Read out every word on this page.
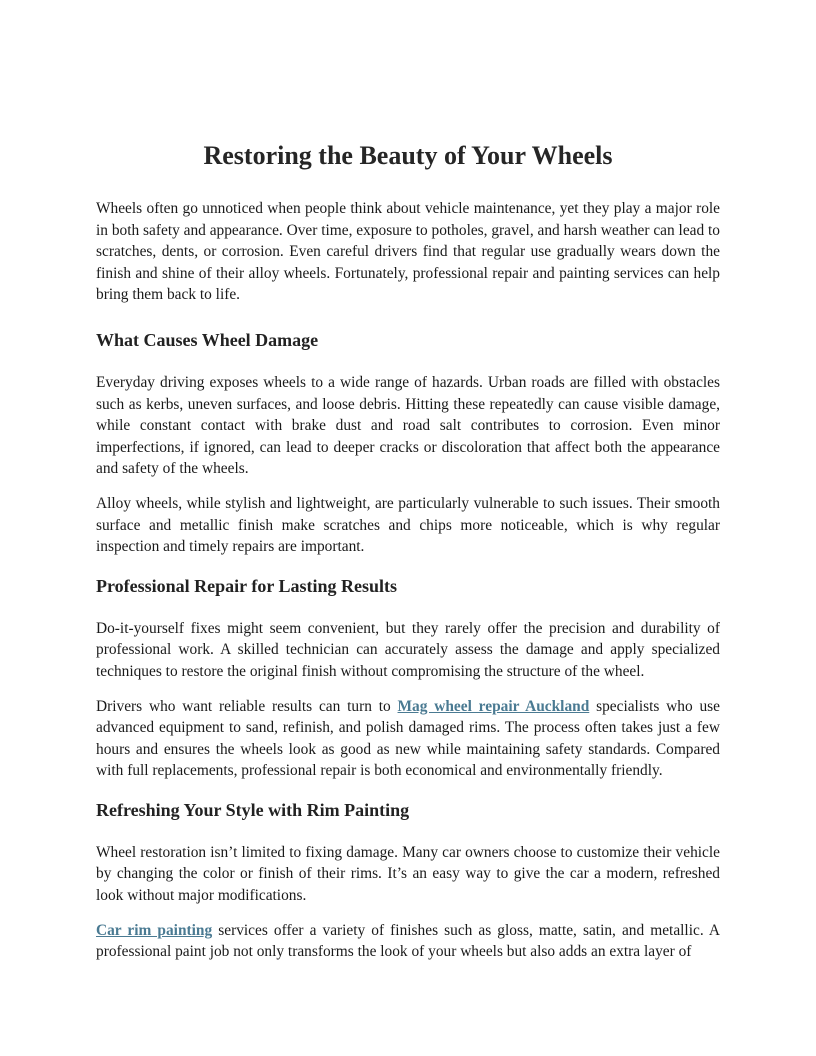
Restoring the Beauty of Your Wheels

Wheels often go unnoticed when people think about vehicle maintenance, yet they play a major role in both safety and appearance. Over time, exposure to potholes, gravel, and harsh weather can lead to scratches, dents, or corrosion. Even careful drivers find that regular use gradually wears down the finish and shine of their alloy wheels. Fortunately, professional repair and painting services can help bring them back to life.

What Causes Wheel Damage

Everyday driving exposes wheels to a wide range of hazards. Urban roads are filled with obstacles such as kerbs, uneven surfaces, and loose debris. Hitting these repeatedly can cause visible damage, while constant contact with brake dust and road salt contributes to corrosion. Even minor imperfections, if ignored, can lead to deeper cracks or discoloration that affect both the appearance and safety of the wheels.

Alloy wheels, while stylish and lightweight, are particularly vulnerable to such issues. Their smooth surface and metallic finish make scratches and chips more noticeable, which is why regular inspection and timely repairs are important.

Professional Repair for Lasting Results

Do-it-yourself fixes might seem convenient, but they rarely offer the precision and durability of professional work. A skilled technician can accurately assess the damage and apply specialized techniques to restore the original finish without compromising the structure of the wheel.

Drivers who want reliable results can turn to Mag wheel repair Auckland specialists who use advanced equipment to sand, refinish, and polish damaged rims. The process often takes just a few hours and ensures the wheels look as good as new while maintaining safety standards. Compared with full replacements, professional repair is both economical and environmentally friendly.

Refreshing Your Style with Rim Painting

Wheel restoration isn’t limited to fixing damage. Many car owners choose to customize their vehicle by changing the color or finish of their rims. It’s an easy way to give the car a modern, refreshed look without major modifications.

Car rim painting services offer a variety of finishes such as gloss, matte, satin, and metallic. A professional paint job not only transforms the look of your wheels but also adds an extra layer of
